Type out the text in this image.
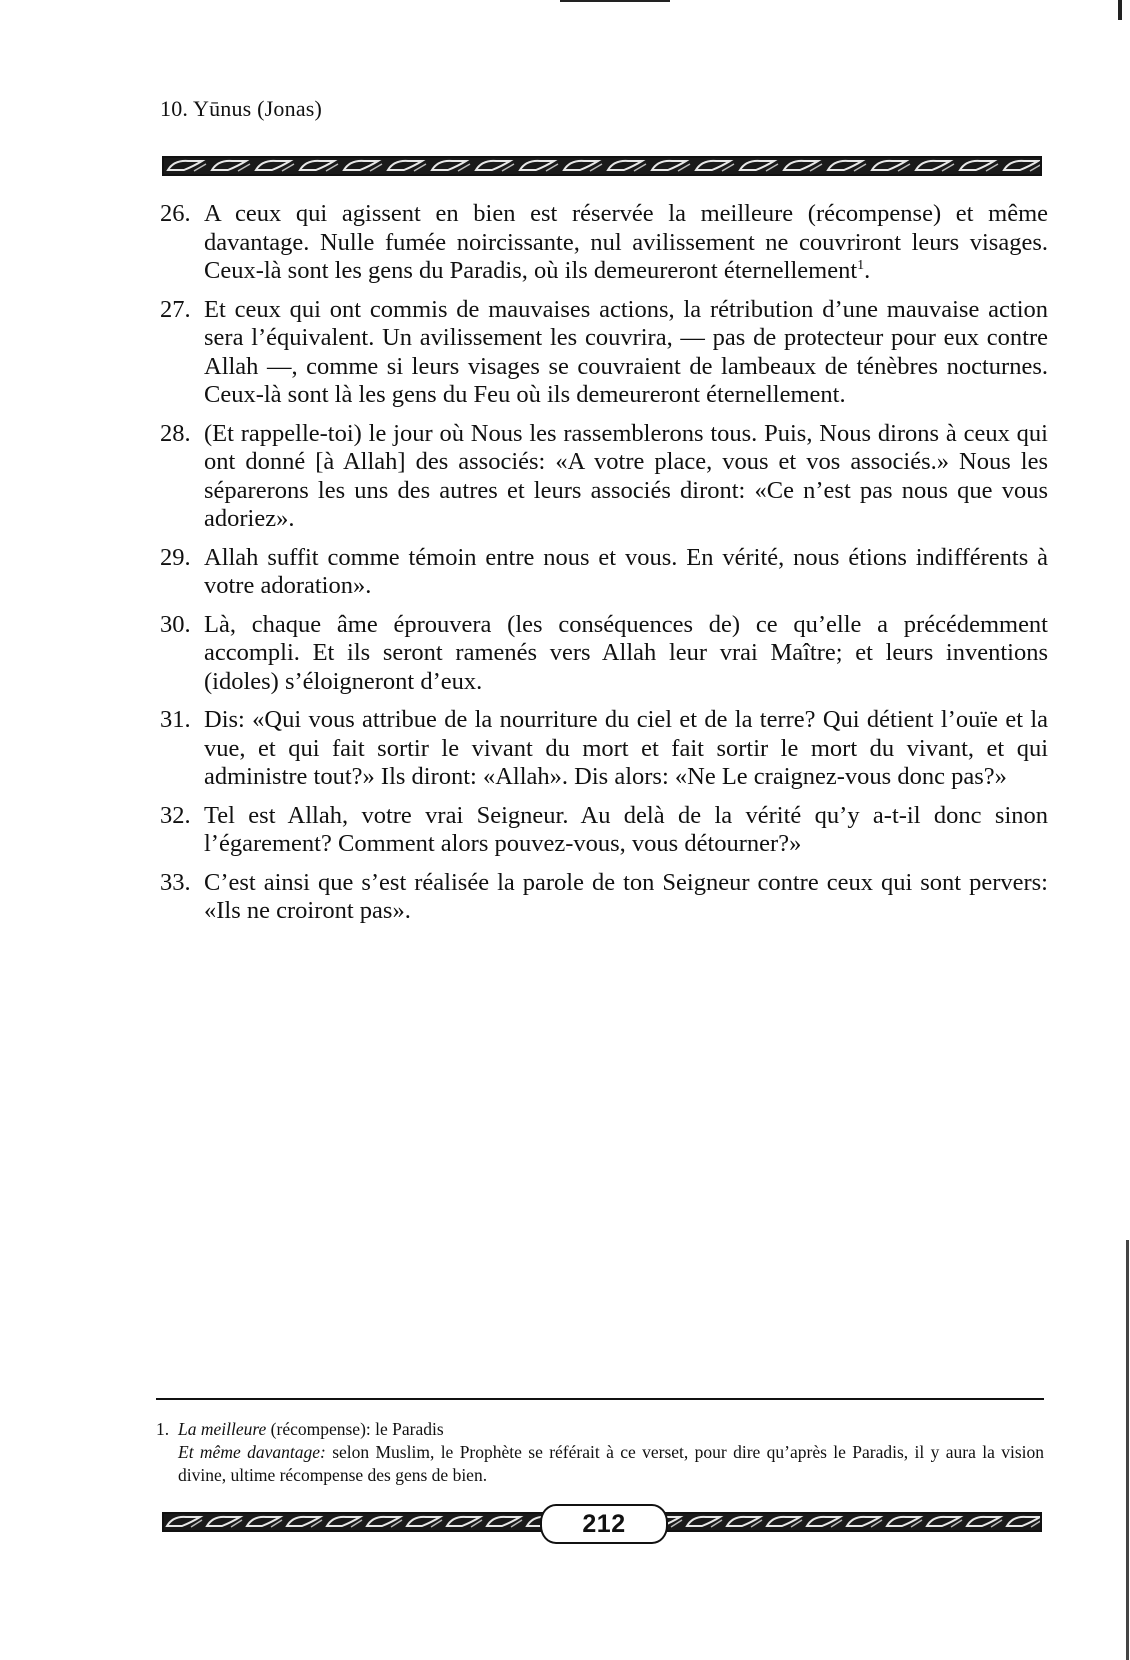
10. Yūnus (Jonas)
26. A ceux qui agissent en bien est réservée la meilleure (récompense) et même davantage. Nulle fumée noircissante, nul avilissement ne couvriront leurs visages. Ceux-là sont les gens du Paradis, où ils demeureront éternellement$^1$.
27. Et ceux qui ont commis de mauvaises actions, la rétribution d’une mauvaise action sera l’équivalent. Un avilissement les couvrira, — pas de protecteur pour eux contre Allah —, comme si leurs visages se couvraient de lambeaux de ténèbres nocturnes. Ceux-là sont là les gens du Feu où ils demeureront éternellement.
28. (Et rappelle-toi) le jour où Nous les rassemblerons tous. Puis, Nous dirons à ceux qui ont donné [à Allah] des associés: «A votre place, vous et vos associés.» Nous les séparerons les uns des autres et leurs associés diront: «Ce n’est pas nous que vous adoriez».
29. Allah suffit comme témoin entre nous et vous. En vérité, nous étions indifférents à votre adoration».
30. Là, chaque âme éprouvera (les conséquences de) ce qu’elle a précédemment accompli. Et ils seront ramenés vers Allah leur vrai Maître; et leurs inventions (idoles) s’éloigneront d’eux.
31. Dis: «Qui vous attribue de la nourriture du ciel et de la terre? Qui détient l’ouïe et la vue, et qui fait sortir le vivant du mort et fait sortir le mort du vivant, et qui administre tout?» Ils diront: «Allah». Dis alors: «Ne Le craignez-vous donc pas?»
32. Tel est Allah, votre vrai Seigneur. Au delà de la vérité qu’y a-t-il donc sinon l’égarement? Comment alors pouvez-vous, vous détourner?»
33. C’est ainsi que s’est réalisée la parole de ton Seigneur contre ceux qui sont pervers: «Ils ne croiront pas».
1. La meilleure (récompense): le Paradis
Et même davantage: selon Muslim, le Prophète se référait à ce verset, pour dire qu’après le Paradis, il y aura la vision divine, ultime récompense des gens de bien.
212
